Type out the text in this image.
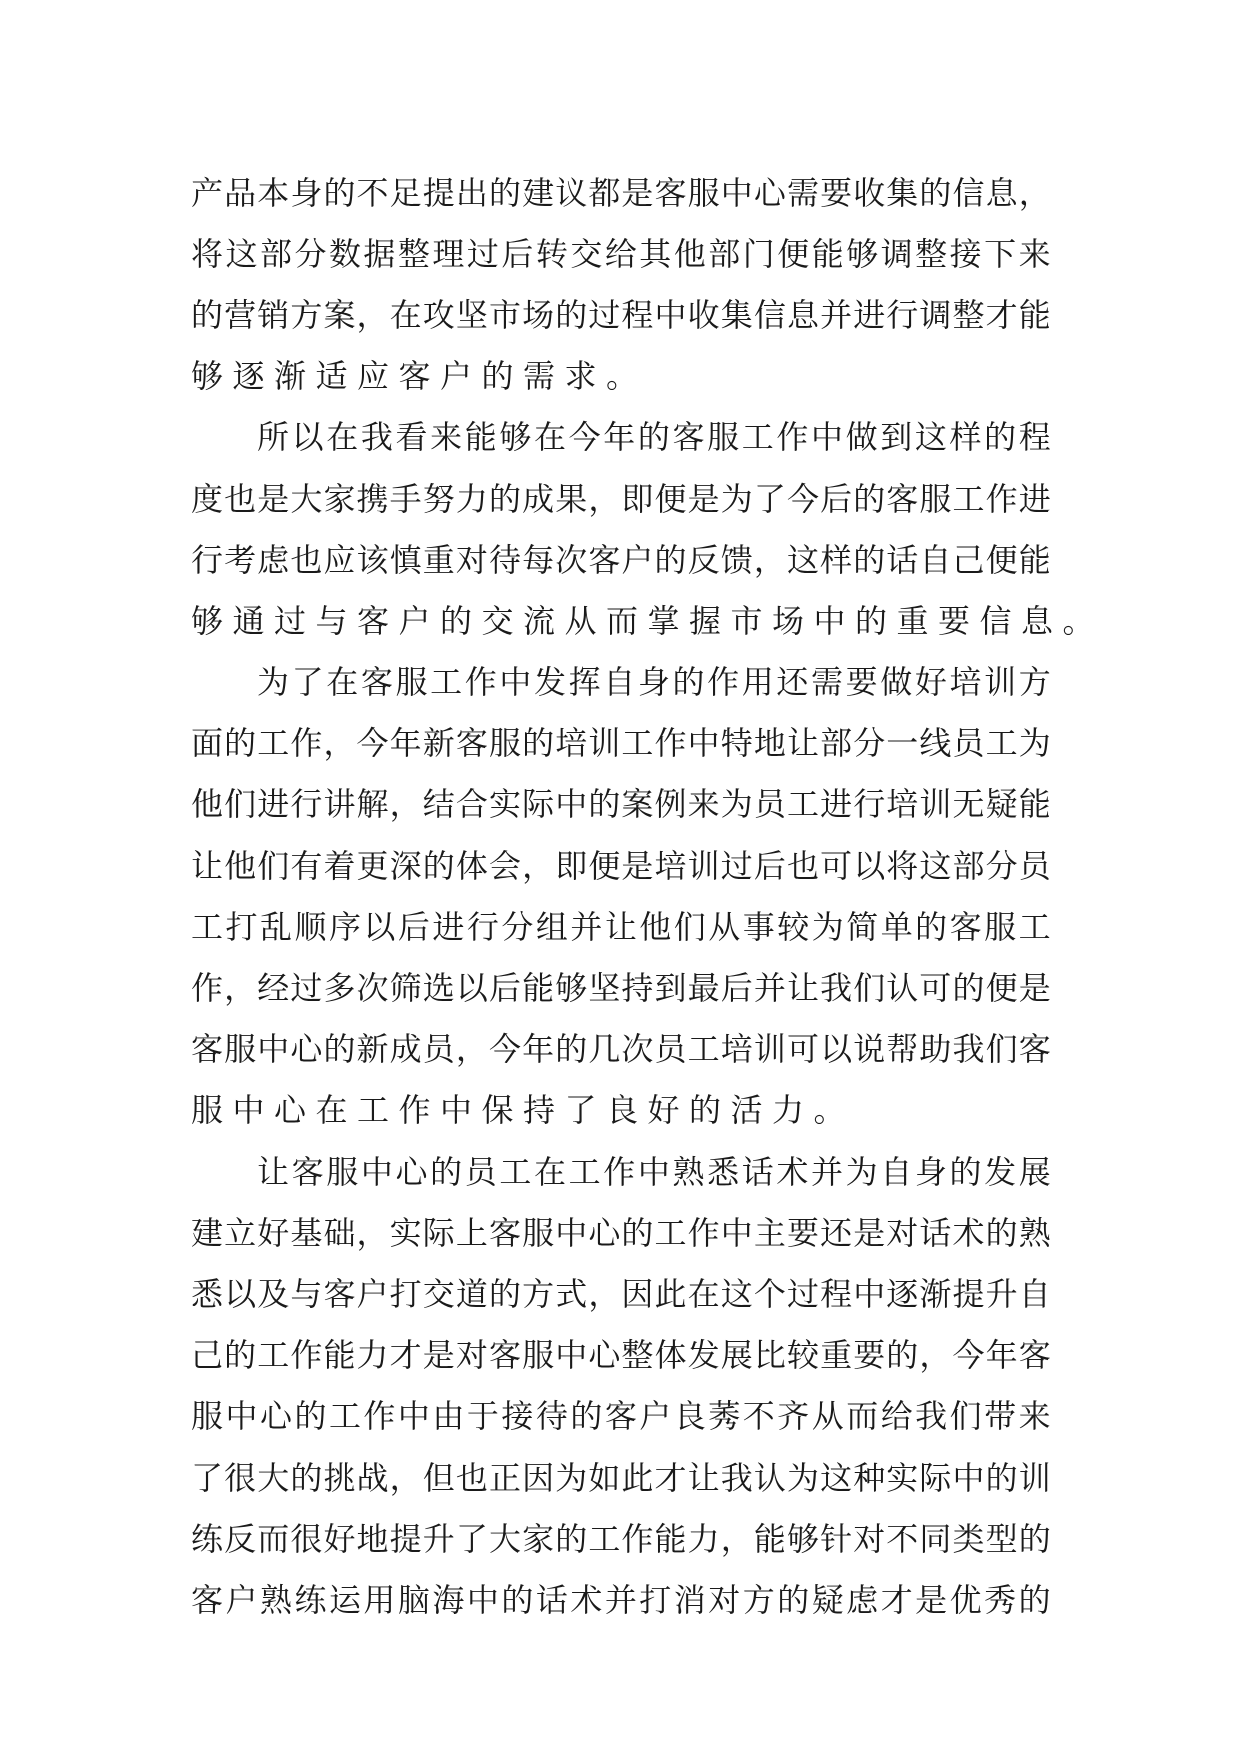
产 品 本 身 的 不 足 提 出 的 建 议 都 是 客 服 中 心 需 要 收 集 的 信 息 ，
将 这 部 分 数 据 整 理 过 后 转 交 给 其 他 部 门 便 能 够 调 整 接 下 来
的 营 销 方 案 ， 在 攻 坚 市 场 的 过 程 中 收 集 信 息 并 进 行 调 整 才 能
够逐渐适应客户的需求。
所 以 在 我 看 来 能 够 在 今 年 的 客 服 工 作 中 做 到 这 样 的 程
度 也 是 大 家 携 手 努 力 的 成 果 ， 即 便 是 为 了 今 后 的 客 服 工 作 进
行 考 虑 也 应 该 慎 重 对 待 每 次 客 户 的 反 馈 ， 这 样 的 话 自 己 便 能
够通过与客户的交流从而掌握市场中的重要信息。
为 了 在 客 服 工 作 中 发 挥 自 身 的 作 用 还 需 要 做 好 培 训 方
面 的 工 作 ， 今 年 新 客 服 的 培 训 工 作 中 特 地 让 部 分 一 线 员 工 为
他 们 进 行 讲 解 ， 结 合 实 际 中 的 案 例 来 为 员 工 进 行 培 训 无 疑 能
让 他 们 有 着 更 深 的 体 会 ， 即 便 是 培 训 过 后 也 可 以 将 这 部 分 员
工 打 乱 顺 序 以 后 进 行 分 组 并 让 他 们 从 事 较 为 简 单 的 客 服 工
作 ， 经 过 多 次 筛 选 以 后 能 够 坚 持 到 最 后 并 让 我 们 认 可 的 便 是
客 服 中 心 的 新 成 员 ， 今 年 的 几 次 员 工 培 训 可 以 说 帮 助 我 们 客
服中心在工作中保持了良好的活力。
让 客 服 中 心 的 员 工 在 工 作 中 熟 悉 话 术 并 为 自 身 的 发 展
建 立 好 基 础 ， 实 际 上 客 服 中 心 的 工 作 中 主 要 还 是 对 话 术 的 熟
悉 以 及 与 客 户 打 交 道 的 方 式 ， 因 此 在 这 个 过 程 中 逐 渐 提 升 自
己 的 工 作 能 力 才 是 对 客 服 中 心 整 体 发 展 比 较 重 要 的 ， 今 年 客
服 中 心 的 工 作 中 由 于 接 待 的 客 户 良 莠 不 齐 从 而 给 我 们 带 来
了 很 大 的 挑 战 ， 但 也 正 因 为 如 此 才 让 我 认 为 这 种 实 际 中 的 训
练 反 而 很 好 地 提 升 了 大 家 的 工 作 能 力 ， 能 够 针 对 不 同 类 型 的
客 户 熟 练 运 用 脑 海 中 的 话 术 并 打 消 对 方 的 疑 虑 才 是 优 秀 的
